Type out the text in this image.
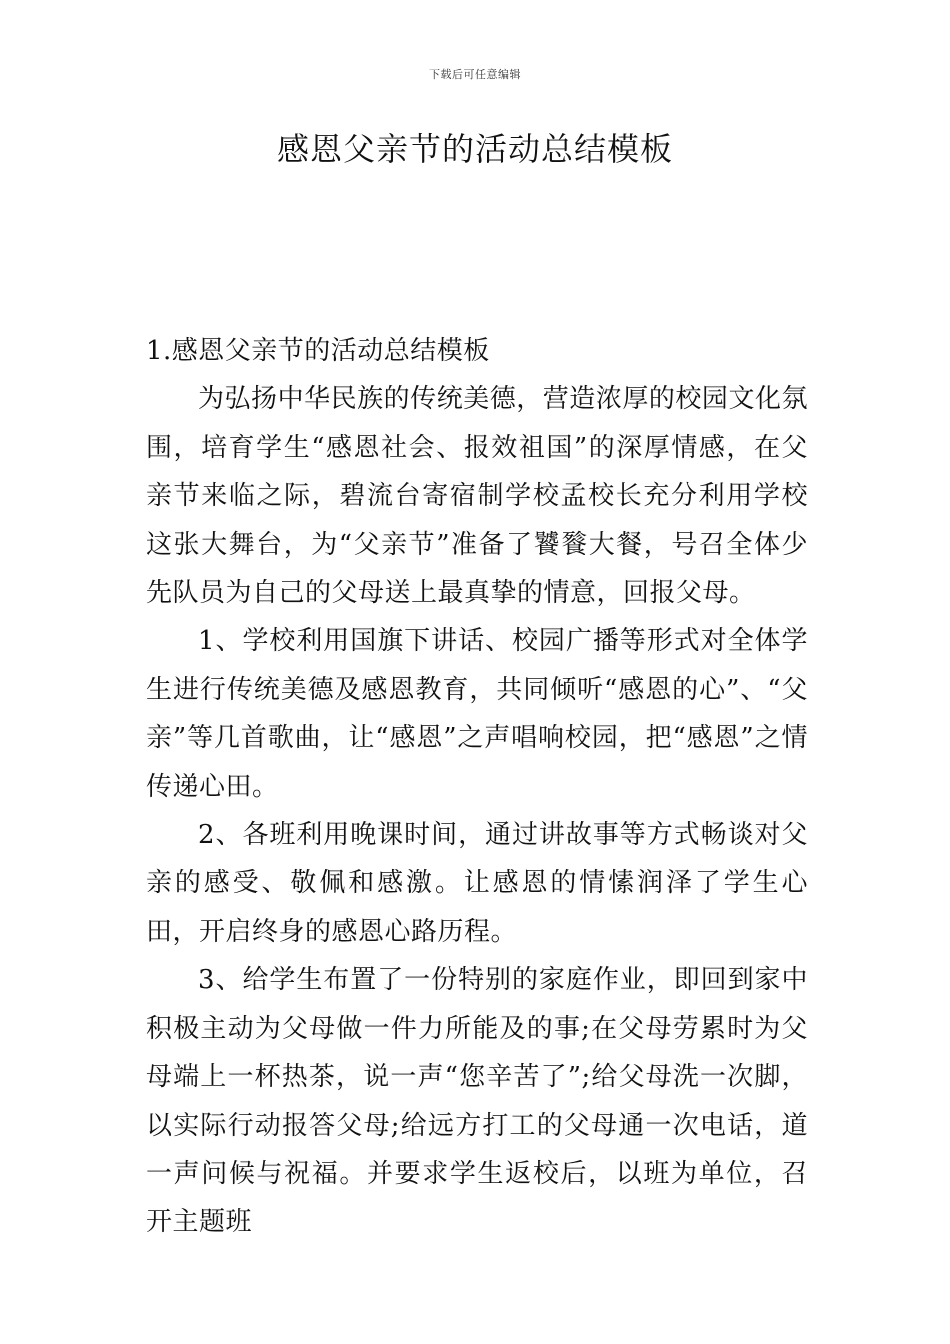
下载后可任意编辑
感恩父亲节的活动总结模板

1.感恩父亲节的活动总结模板

为弘扬中华民族的传统美德，营造浓厚的校园文化氛围，培育学生“感恩社会、报效祖国”的深厚情感，在父亲节来临之际，碧流台寄宿制学校孟校长充分利用学校这张大舞台，为“父亲节”准备了饕餮大餐，号召全体少先队员为自己的父母送上最真挚的情意，回报父母。

1、学校利用国旗下讲话、校园广播等形式对全体学生进行传统美德及感恩教育，共同倾听“感恩的心”、“父亲”等几首歌曲，让“感恩”之声唱响校园，把“感恩”之情传递心田。

2、各班利用晚课时间，通过讲故事等方式畅谈对父亲的感受、敬佩和感激。让感恩的情愫润泽了学生心田，开启终身的感恩心路历程。

3、给学生布置了一份特别的家庭作业，即回到家中积极主动为父母做一件力所能及的事;在父母劳累时为父母端上一杯热茶，说一声“您辛苦了”;给父母洗一次脚，以实际行动报答父母;给远方打工的父母通一次电话，道一声问候与祝福。并要求学生返校后，以班为单位，召开主题班
